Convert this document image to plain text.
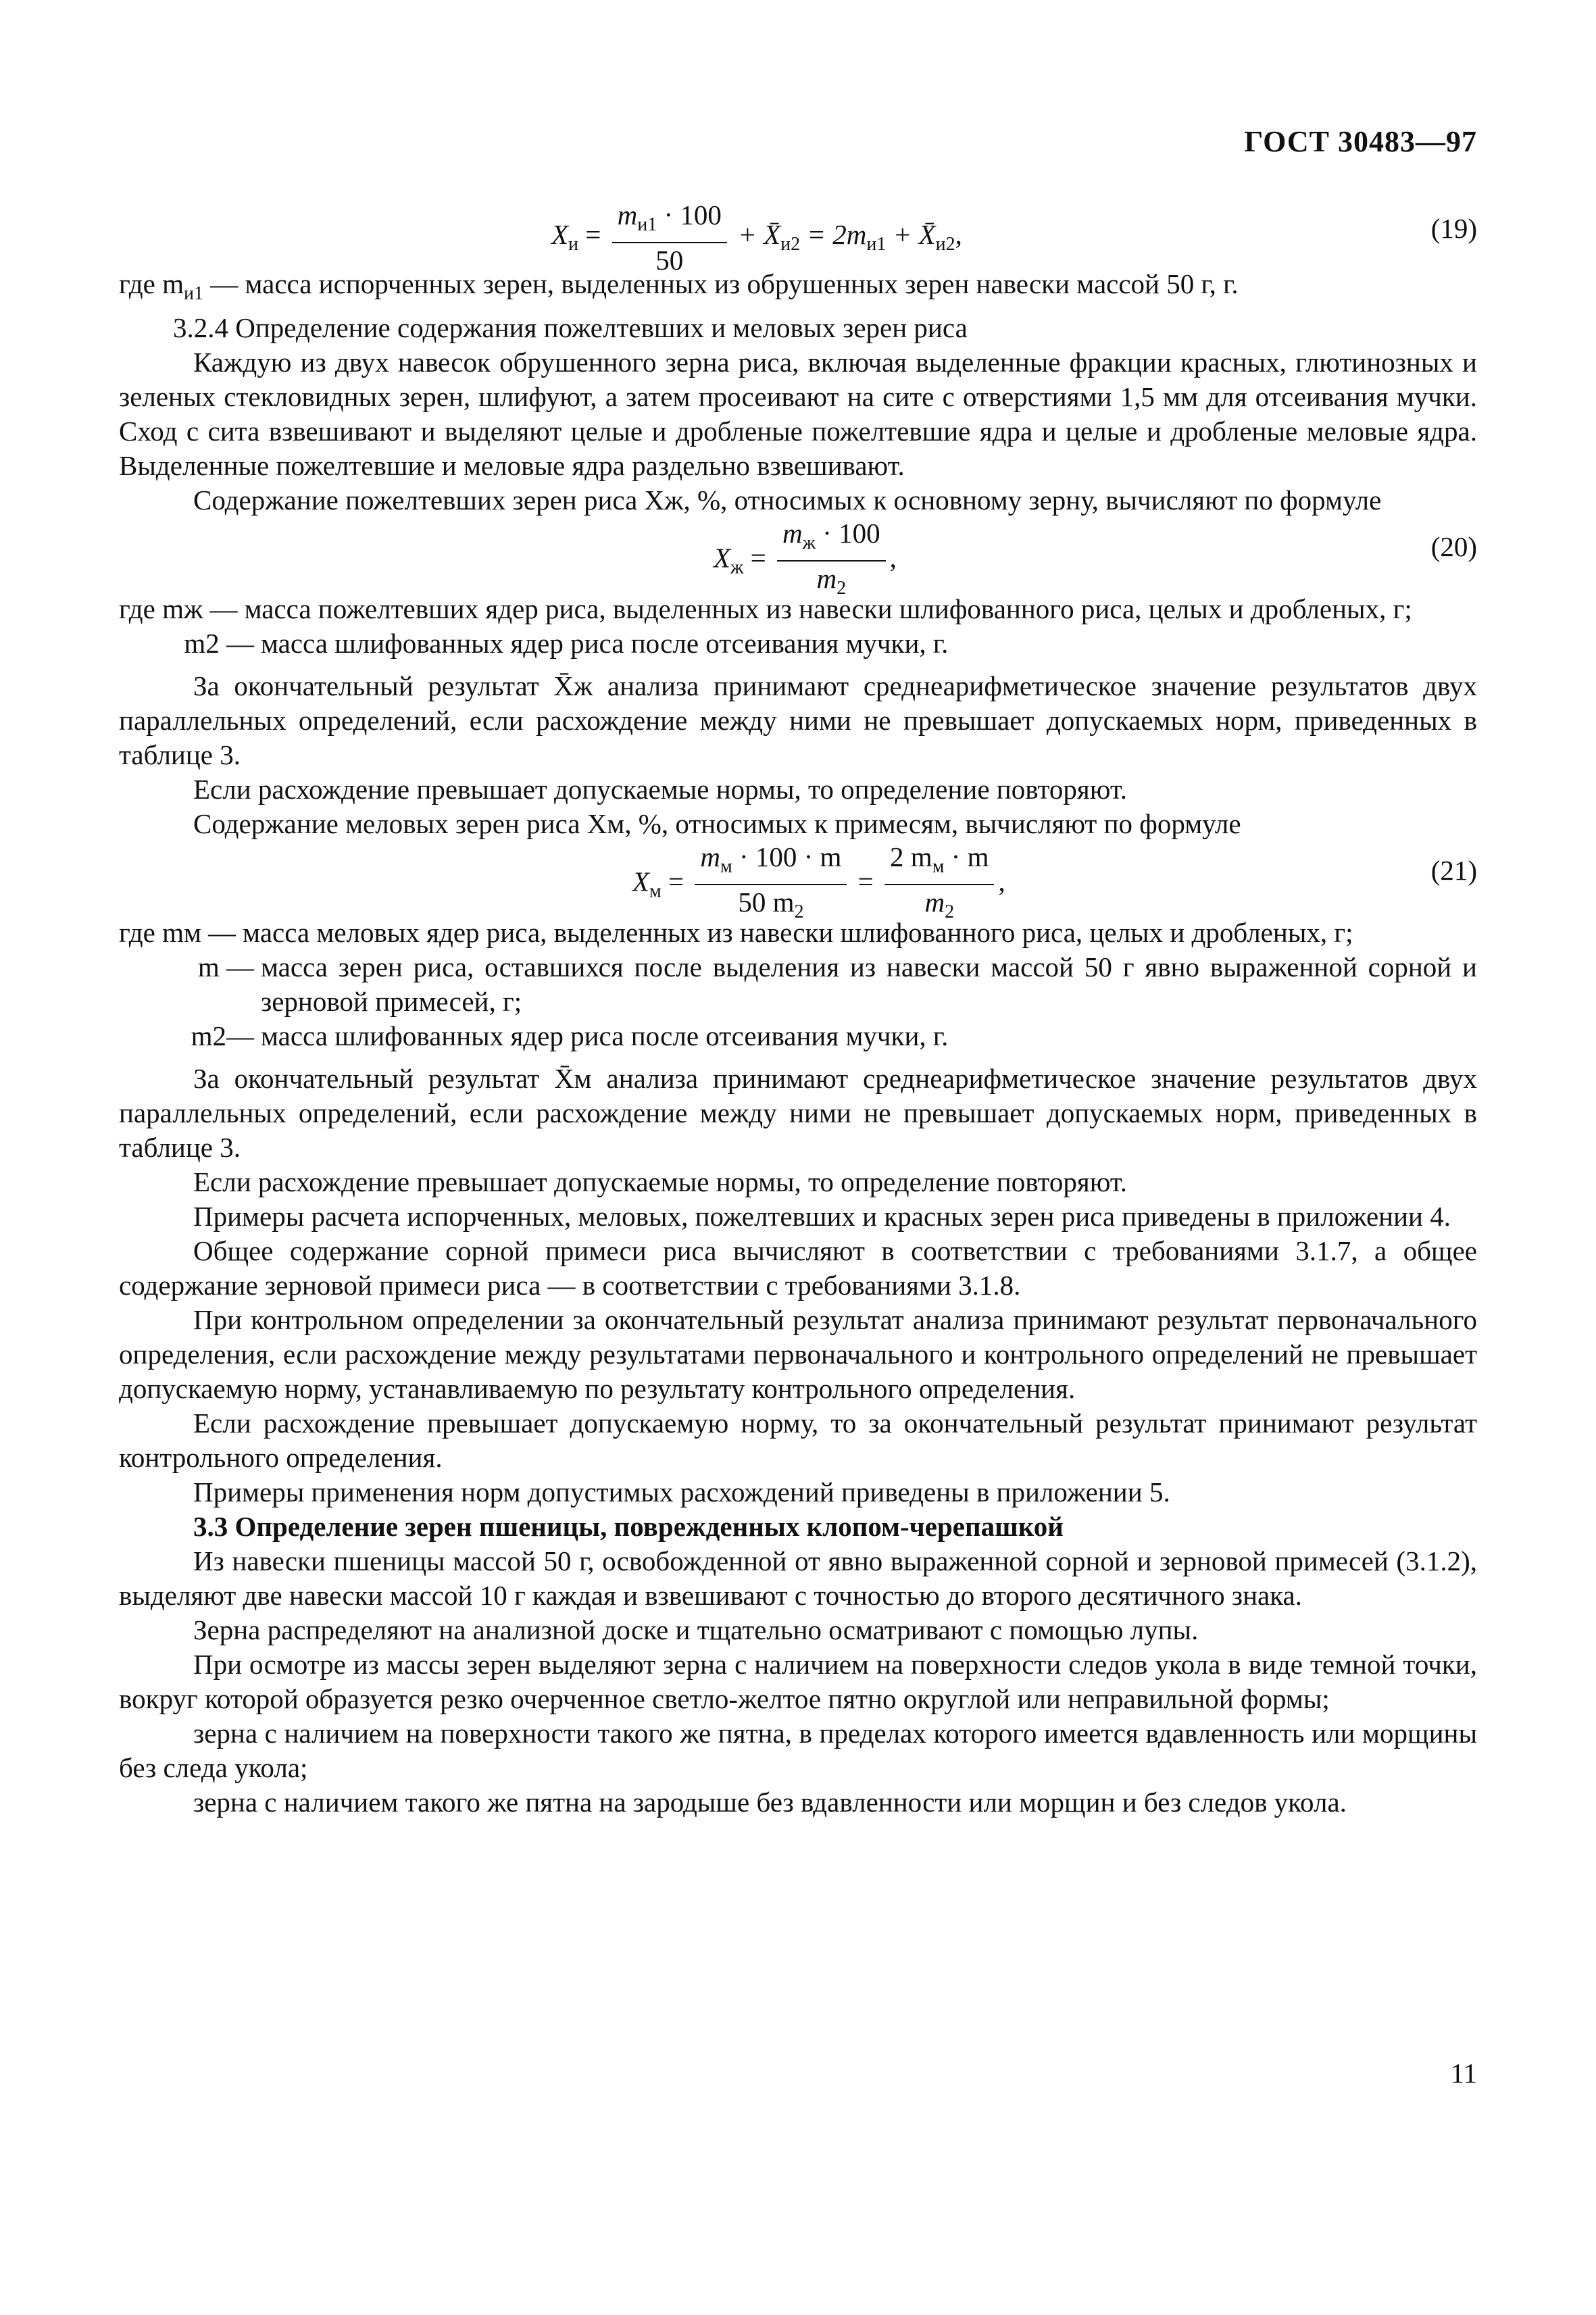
ГОСТ 30483—97
$X_и = \frac{m_{и1} \cdot 100}{50}$ + $X̄_{и2} = 2m_{и1}$ + $X̄_{и2}$,	(19)

где $m_{и1}$ — масса испорченных зерен, выделенных из обрушенных зерен навески массой 50 г, г.

3.2.4 Определение содержания пожелтевших и меловых зерен риса

Каждую из двух навесок обрушенного зерна риса, включая выделенные фракции красных, глютинозных и зеленых стекловидных зерен, шлифуют, а затем просеивают на сите с отверстиями 1,5 мм для отсеивания мучки. Сход с сита взвешивают и выделяют целые и дробленые пожелтевшие ядра и целые и дробленые меловые ядра. Выделенные пожелтевшие и меловые ядра раздельно взвешивают.

Содержание пожелтевших зерен риса Xж, %, относимых к основному зерну, вычисляют по формуле

$X_ж = \frac{m_ж \cdot 100}{m_2}$ ,	(20)
где mж — масса пожелтевших ядер риса, выделенных из навески шлифованного риса, целых и дробленых, г;
m2 — масса шлифованных ядер риса после отсеивания мучки, г.

За окончательный результат X̄ж анализа принимают среднеарифметическое значение результатов двух параллельных определений, если расхождение между ними не превышает допускаемых норм, приведенных в таблице 3.

Если расхождение превышает допускаемые нормы, то определение повторяют.

Содержание меловых зерен риса Xм, %, относимых к примесям, вычисляют по формуле

$X_м = \frac{m_м \cdot 100 \cdot m}{50 m_2} = \frac{2 m_м \cdot m}{m_2}$ ,	(21)
где mм — масса меловых ядер риса, выделенных из навески шлифованного риса, целых и дробленых, г;
m — масса зерен риса, оставшихся после выделения из навески массой 50 г явно выраженной сорной и зерновой примесей, г;
m2— масса шлифованных ядер риса после отсеивания мучки, г.

За окончательный результат X̄м анализа принимают среднеарифметическое значение результатов двух параллельных определений, если расхождение между ними не превышает допускаемых норм, приведенных в таблице 3.

Если расхождение превышает допускаемые нормы, то определение повторяют.

Примеры расчета испорченных, меловых, пожелтевших и красных зерен риса приведены в приложении 4.

Общее содержание сорной примеси риса вычисляют в соответствии с требованиями 3.1.7, а общее содержание зерновой примеси риса — в соответствии с требованиями 3.1.8.

При контрольном определении за окончательный результат анализа принимают результат первоначального определения, если расхождение между результатами первоначального и контрольного определений не превышает допускаемую норму, устанавливаемую по результату контрольного определения.

Если расхождение превышает допускаемую норму, то за окончательный результат принимают результат контрольного определения.

Примеры применения норм допустимых расхождений приведены в приложении 5.

3.3 Определение зерен пшеницы, поврежденных клопом-черепашкой

Из навески пшеницы массой 50 г, освобожденной от явно выраженной сорной и зерновой примесей (3.1.2), выделяют две навески массой 10 г каждая и взвешивают с точностью до второго десятичного знака.

Зерна распределяют на анализной доске и тщательно осматривают с помощью лупы.

При осмотре из массы зерен выделяют зерна с наличием на поверхности следов укола в виде темной точки, вокруг которой образуется резко очерченное светло-желтое пятно округлой или неправильной формы;

зерна с наличием на поверхности такого же пятна, в пределах которого имеется вдавленность или морщины без следа укола;

зерна с наличием такого же пятна на зародыше без вдавленности или морщин и без следов укола.

11
